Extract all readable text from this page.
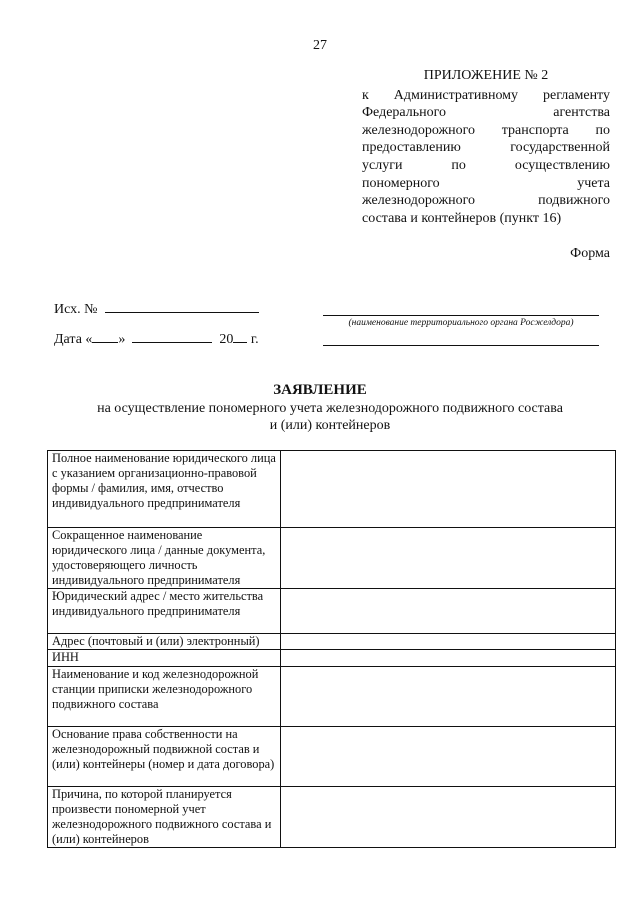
27
ПРИЛОЖЕНИЕ № 2
к Административному регламенту
Федерального агентства
железнодорожного транспорта по
предоставлению государственной
услуги по осуществлению
пономерного учета
железнодорожного подвижного
состава и контейнеров (пункт 16)
Форма
Исх. №
Дата « »	20 г.
(наименование территориального органа Росжелдора)
ЗАЯВЛЕНИЕ
на осуществление пономерного учета железнодорожного подвижного состава
и (или) контейнеров
Полное наименование юридического лица с указанием организационно-правовой формы / фамилия, имя, отчество индивидуального предпринимателя	
Сокращенное наименование юридического лица / данные документа, удостоверяющего личность индивидуального предпринимателя	
Юридический адрес / место жительства индивидуального предпринимателя	
Адрес (почтовый и (или) электронный)	
ИНН	
Наименование и код железнодорожной станции приписки железнодорожного подвижного состава	
Основание права собственности на железнодорожный подвижной состав и (или) контейнеры (номер и дата договора)	
Причина, по которой планируется произвести пономерной учет железнодорожного подвижного состава и (или) контейнеров	
